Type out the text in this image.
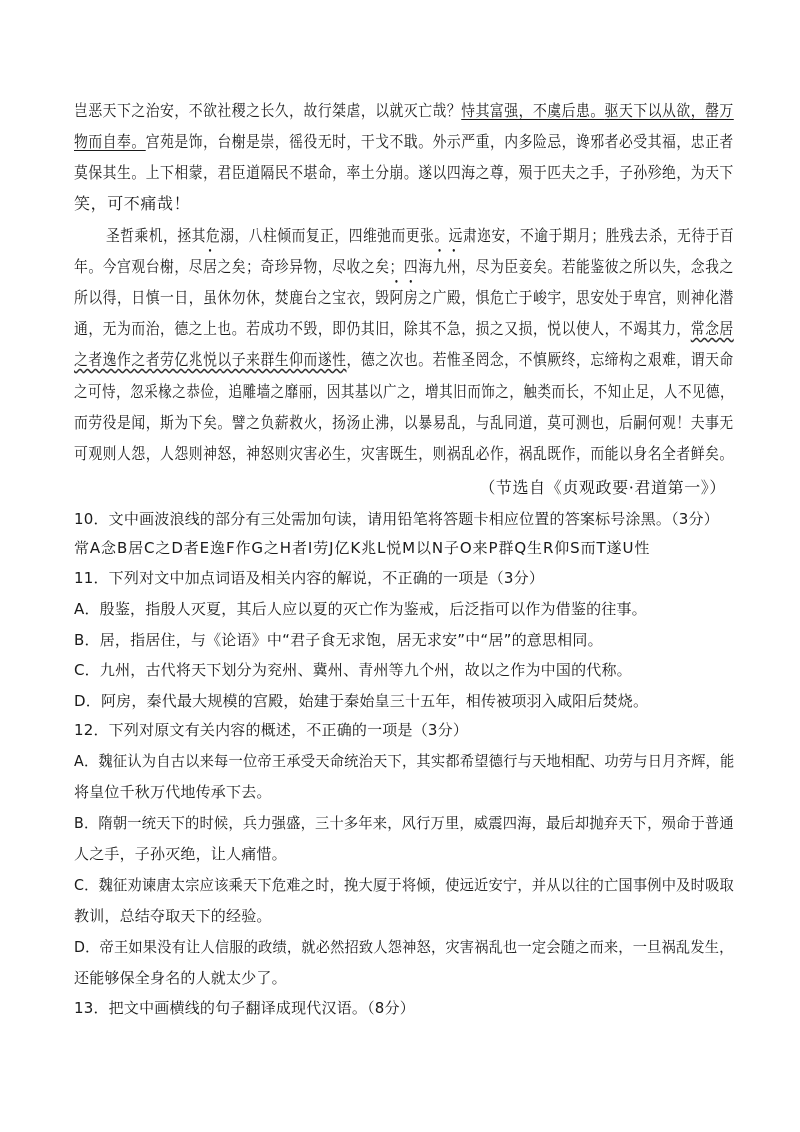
岂恶天下之治安，不欲社稷之长久，故行桀虐，以就灭亡哉？恃其富强，不虞后患。驱天下以从欲，罄万
物而自奉。宫苑是饰，台榭是崇，徭役无时，干戈不戢。外示严重，内多险忌，谗邪者必受其福，忠正者
莫保其生。上下相蒙，君臣道隔民不堪命，率土分崩。遂以四海之尊，殒于匹夫之手，子孙殄绝，为天下
笑，可不痛哉！
圣哲乘机，拯其危溺，八柱倾而复正，四维弛而更张。远肃迩安，不逾于期月；胜残去杀，无待于百
年。今宫观台榭，尽居之矣；奇珍异物，尽收之矣；四海九州，尽为臣妾矣。若能鉴彼之所以失，念我之
所以得，日慎一日，虽休勿休，焚鹿台之宝衣，毁阿房之广殿，惧危亡于峻宇，思安处于卑宫，则神化潜
通，无为而治，德之上也。若成功不毁，即仍其旧，除其不急，损之又损，悦以使人，不竭其力，常念居
之者逸作之者劳亿兆悦以子来群生仰而遂性，德之次也。若惟圣罔念，不慎厥终，忘缔构之艰难，谓天命
之可恃，忽采椽之恭俭，追雕墙之靡丽，因其基以广之，增其旧而饰之，触类而长，不知止足，人不见德，
而劳役是闻，斯为下矣。譬之负薪救火，扬汤止沸，以暴易乱，与乱同道，莫可测也，后嗣何观！夫事无
可观则人怨，人怨则神怒，神怒则灾害必生，灾害既生，则祸乱必作，祸乱既作，而能以身名全者鲜矣。
（节选自《贞观政要·君道第一》）
10．文中画波浪线的部分有三处需加句读，请用铅笔将答题卡相应位置的答案标号涂黑。（3分）
常A念B居C之D者E逸F作G之H者I劳J亿K兆L悦M以N子O来P群Q生R仰S而T遂U性
11．下列对文中加点词语及相关内容的解说，不正确的一项是（3分）
A．殷鉴，指殷人灭夏，其后人应以夏的灭亡作为鉴戒，后泛指可以作为借鉴的往事。
B．居，指居住，与《论语》中“君子食无求饱，居无求安”中“居”的意思相同。
C．九州，古代将天下划分为兖州、冀州、青州等九个州，故以之作为中国的代称。
D．阿房，秦代最大规模的宫殿，始建于秦始皇三十五年，相传被项羽入咸阳后焚烧。
12．下列对原文有关内容的概述，不正确的一项是（3分）
A．魏征认为自古以来每一位帝王承受天命统治天下，其实都希望德行与天地相配、功劳与日月齐辉，能
将皇位千秋万代地传承下去。
B．隋朝一统天下的时候，兵力强盛，三十多年来，风行万里，威震四海，最后却抛弃天下，殒命于普通
人之手，子孙灭绝，让人痛惜。
C．魏征劝谏唐太宗应该乘天下危难之时，挽大厦于将倾，使远近安宁，并从以往的亡国事例中及时吸取
教训，总结夺取天下的经验。
D．帝王如果没有让人信服的政绩，就必然招致人怨神怒，灾害祸乱也一定会随之而来，一旦祸乱发生，
还能够保全身名的人就太少了。
13．把文中画横线的句子翻译成现代汉语。（8分）
